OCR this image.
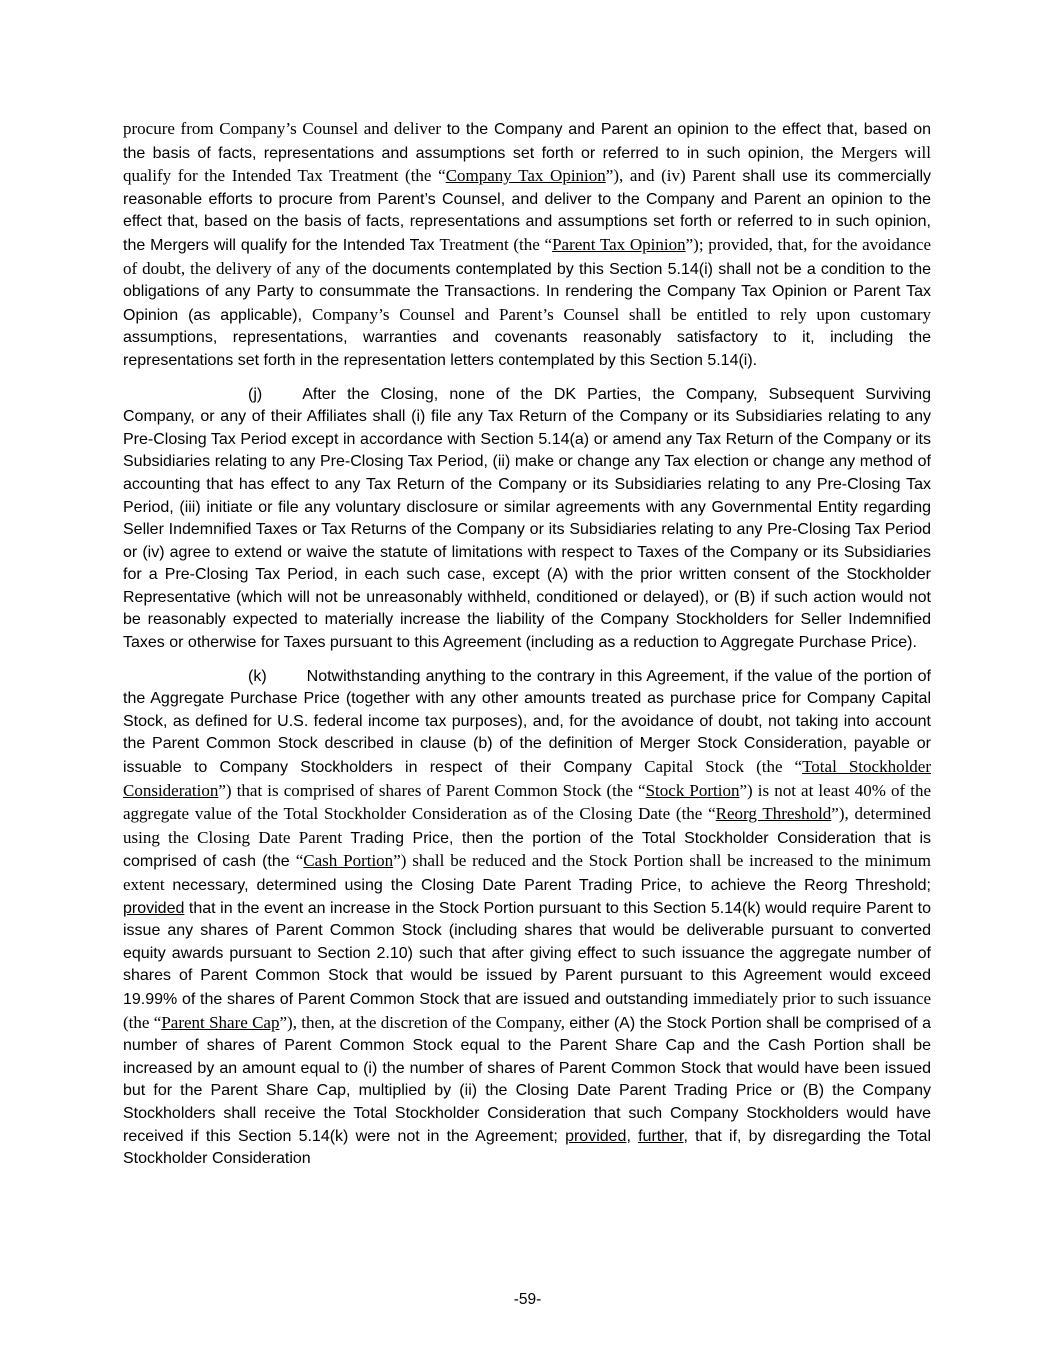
procure from Company’s Counsel and deliver to the Company and Parent an opinion to the effect that, based on the basis of facts, representations and assumptions set forth or referred to in such opinion, the Mergers will qualify for the Intended Tax Treatment (the “Company Tax Opinion”), and (iv) Parent shall use its commercially reasonable efforts to procure from Parent’s Counsel, and deliver to the Company and Parent an opinion to the effect that, based on the basis of facts, representations and assumptions set forth or referred to in such opinion, the Mergers will qualify for the Intended Tax Treatment (the “Parent Tax Opinion”); provided, that, for the avoidance of doubt, the delivery of any of the documents contemplated by this Section 5.14(i) shall not be a condition to the obligations of any Party to consummate the Transactions. In rendering the Company Tax Opinion or Parent Tax Opinion (as applicable), Company’s Counsel and Parent’s Counsel shall be entitled to rely upon customary assumptions, representations, warranties and covenants reasonably satisfactory to it, including the representations set forth in the representation letters contemplated by this Section 5.14(i).

(j)	After the Closing, none of the DK Parties, the Company, Subsequent Surviving Company, or any of their Affiliates shall (i) file any Tax Return of the Company or its Subsidiaries relating to any Pre-Closing Tax Period except in accordance with Section 5.14(a) or amend any Tax Return of the Company or its Subsidiaries relating to any Pre-Closing Tax Period, (ii) make or change any Tax election or change any method of accounting that has effect to any Tax Return of the Company or its Subsidiaries relating to any Pre-Closing Tax Period, (iii) initiate or file any voluntary disclosure or similar agreements with any Governmental Entity regarding Seller Indemnified Taxes or Tax Returns of the Company or its Subsidiaries relating to any Pre-Closing Tax Period or (iv) agree to extend or waive the statute of limitations with respect to Taxes of the Company or its Subsidiaries for a Pre-Closing Tax Period, in each such case, except (A) with the prior written consent of the Stockholder Representative (which will not be unreasonably withheld, conditioned or delayed), or (B) if such action would not be reasonably expected to materially increase the liability of the Company Stockholders for Seller Indemnified Taxes or otherwise for Taxes pursuant to this Agreement (including as a reduction to Aggregate Purchase Price).

(k)	Notwithstanding anything to the contrary in this Agreement, if the value of the portion of the Aggregate Purchase Price (together with any other amounts treated as purchase price for Company Capital Stock, as defined for U.S. federal income tax purposes), and, for the avoidance of doubt, not taking into account the Parent Common Stock described in clause (b) of the definition of Merger Stock Consideration, payable or issuable to Company Stockholders in respect of their Company Capital Stock (the “Total Stockholder Consideration”) that is comprised of shares of Parent Common Stock (the “Stock Portion”) is not at least 40% of the aggregate value of the Total Stockholder Consideration as of the Closing Date (the “Reorg Threshold”), determined using the Closing Date Parent Trading Price, then the portion of the Total Stockholder Consideration that is comprised of cash (the “Cash Portion”) shall be reduced and the Stock Portion shall be increased to the minimum extent necessary, determined using the Closing Date Parent Trading Price, to achieve the Reorg Threshold; provided that in the event an increase in the Stock Portion pursuant to this Section 5.14(k) would require Parent to issue any shares of Parent Common Stock (including shares that would be deliverable pursuant to converted equity awards pursuant to Section 2.10) such that after giving effect to such issuance the aggregate number of shares of Parent Common Stock that would be issued by Parent pursuant to this Agreement would exceed 19.99% of the shares of Parent Common Stock that are issued and outstanding immediately prior to such issuance (the “Parent Share Cap”), then, at the discretion of the Company, either (A) the Stock Portion shall be comprised of a number of shares of Parent Common Stock equal to the Parent Share Cap and the Cash Portion shall be increased by an amount equal to (i) the number of shares of Parent Common Stock that would have been issued but for the Parent Share Cap, multiplied by (ii) the Closing Date Parent Trading Price or (B) the Company Stockholders shall receive the Total Stockholder Consideration that such Company Stockholders would have received if this Section 5.14(k) were not in the Agreement; provided, further, that if, by disregarding the Total Stockholder Consideration

-59-
